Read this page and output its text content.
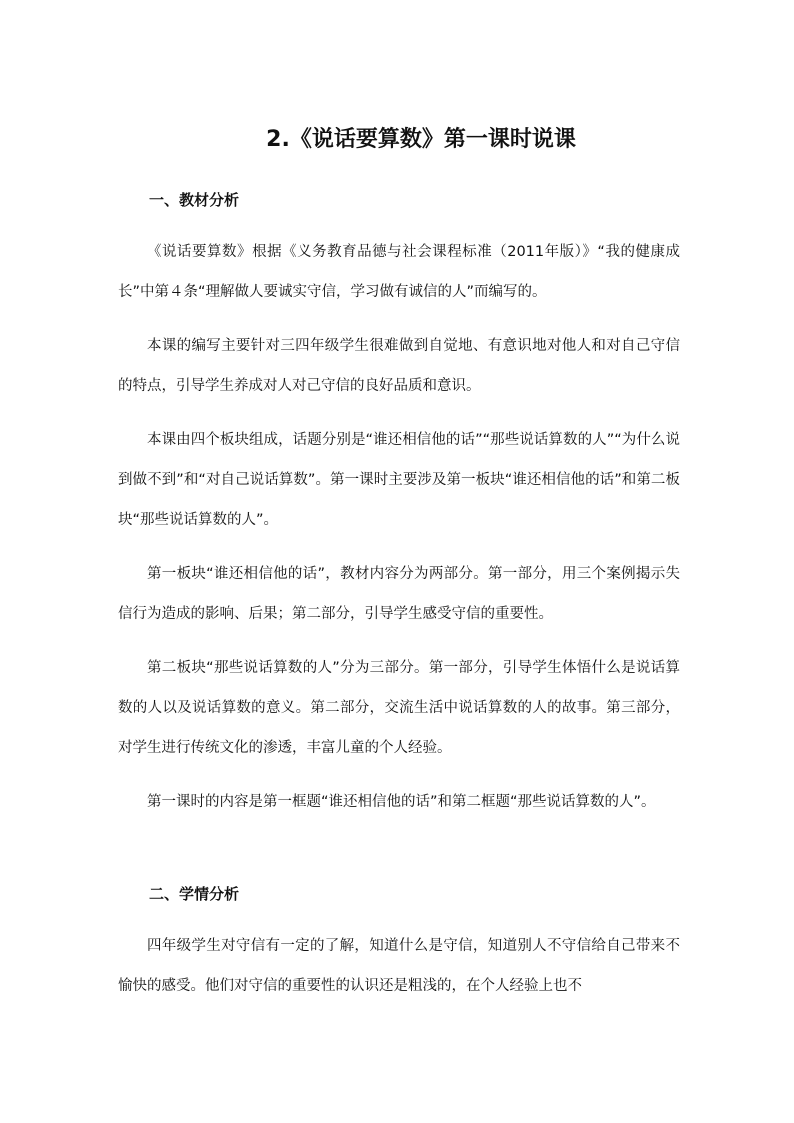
2.《说话要算数》第一课时说课
一、教材分析

《说话要算数》根据《义务教育品德与社会课程标准（2011年版）》“我的健康成长”中第４条“理解做人要诚实守信，学习做有诚信的人”而编写的。

本课的编写主要针对三四年级学生很难做到自觉地、有意识地对他人和对自己守信的特点，引导学生养成对人对己守信的良好品质和意识。

本课由四个板块组成，话题分别是“谁还相信他的话”“那些说话算数的人”“为什么说到做不到”和“对自己说话算数”。第一课时主要涉及第一板块“谁还相信他的话”和第二板块“那些说话算数的人”。

第一板块“谁还相信他的话”，教材内容分为两部分。第一部分，用三个案例揭示失信行为造成的影响、后果；第二部分，引导学生感受守信的重要性。

第二板块“那些说话算数的人”分为三部分。第一部分，引导学生体悟什么是说话算数的人以及说话算数的意义。第二部分，交流生活中说话算数的人的故事。第三部分，对学生进行传统文化的渗透，丰富儿童的个人经验。

第一课时的内容是第一框题“谁还相信他的话”和第二框题“那些说话算数的人”。

二、学情分析

四年级学生对守信有一定的了解，知道什么是守信，知道别人不守信给自己带来不愉快的感受。他们对守信的重要性的认识还是粗浅的，在个人经验上也不
